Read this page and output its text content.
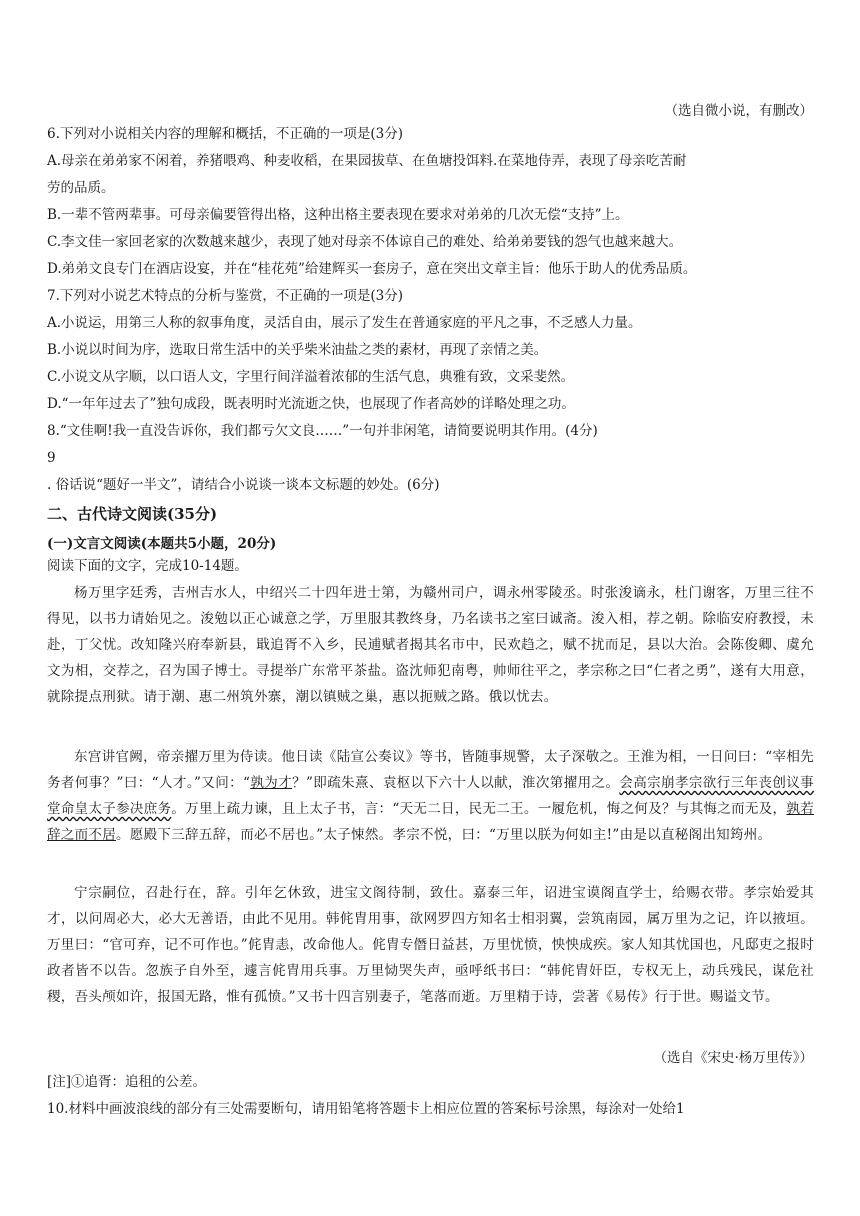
（选自微小说，有删改）
6.下列对小说相关内容的理解和概括，不正确的一项是(3分)
A.母亲在弟弟家不闲着，养猪喂鸡、种麦收稻，在果园拔草、在鱼塘投饵料.在菜地侍弄，表现了母亲吃苦耐
劳的品质。
B.一辈不管两辈事。可母亲偏要管得出格，这种出格主要表现在要求对弟弟的几次无偿“支持”上。
C.李文佳一家回老家的次数越来越少，表现了她对母亲不体谅自己的难处、给弟弟要钱的怨气也越来越大。
D.弟弟文良专门在酒店设宴，并在“桂花苑”给建辉买一套房子，意在突出文章主旨：他乐于助人的优秀品质。
7.下列对小说艺术特点的分析与鉴赏，不正确的一项是(3分)
A.小说运，用第三人称的叙事角度，灵活自由，展示了发生在普通家庭的平凡之事，不乏感人力量。
B.小说以时间为序，选取日常生活中的关乎柴米油盐之类的素材，再现了亲情之美。
C.小说文从字顺，以口语人文，字里行间洋溢着浓郁的生活气息，典雅有致，文采斐然。
D.“一年年过去了”独句成段，既表明时光流逝之快，也展现了作者高妙的详略处理之功。
8.“文佳啊!我一直没告诉你，我们都亏欠文良……”一句并非闲笔，请简要说明其作用。(4分)
9
. 俗话说“题好一半文”，请结合小说谈一谈本文标题的妙处。(6分)
二、古代诗文阅读(35分)
(一)文言文阅读(本题共5小题，20分)
阅读下面的文字，完成10-14题。

杨万里字廷秀，吉州吉水人，中绍兴二十四年进士第，为赣州司户，调永州零陵丞。时张浚谪永，杜门谢客，万里三往不得见，以书力请始见之。浚勉以正心诚意之学，万里服其教终身，乃名读书之室曰诚斋。浚入相，荐之朝。除临安府教授，未赴，丁父忧。改知隆兴府奉新县，戢追胥不入乡，民逋赋者揭其名市中，民欢趋之，赋不扰而足，县以大治。会陈俊卿、虞允文为相，交荐之，召为国子博士。寻提举广东常平茶盐。盗沈师犯南粤，帅师往平之，孝宗称之曰“仁者之勇”，遂有大用意，就除提点刑狱。请于潮、惠二州筑外寨，潮以镇贼之巢，惠以扼贼之路。俄以忧去。

东宫讲官阙，帝亲擢万里为侍读。他日读《陆宣公奏议》等书，皆随事规警，太子深敬之。王淮为相，一日问曰：“宰相先务者何事？”曰：“人才。”又问：“孰为才？”即疏朱熹、袁枢以下六十人以献，淮次第擢用之。会高宗崩孝宗欲行三年丧创议事堂命皇太子参决庶务。万里上疏力谏，且上太子书，言：“天无二日，民无二王。一履危机，悔之何及？与其悔之而无及，孰若辞之而不居。愿殿下三辞五辞，而必不居也。”太子悚然。孝宗不悦，曰：“万里以朕为何如主!”由是以直秘阁出知筠州。

宁宗嗣位，召赴行在，辞。引年乞休致，进宝文阁待制，致仕。嘉泰三年，诏进宝谟阁直学士，给赐衣带。孝宗始爱其才，以问周必大，必大无善语，由此不见用。韩侂胄用事，欲网罗四方知名士相羽翼，尝筑南园，属万里为之记，许以掖垣。万里曰：“官可弃，记不可作也。”侂胄恚，改命他人。侂胄专僭日益甚，万里忧愤，怏怏成疾。家人知其忧国也，凡邸吏之报时政者皆不以告。忽族子自外至，遽言侂胄用兵事。万里恸哭失声，亟呼纸书曰：“韩侂胄奸臣，专权无上，动兵残民，谋危社稷，吾头颅如许，报国无路，惟有孤愤。”又书十四言别妻子，笔落而逝。万里精于诗，尝著《易传》行于世。赐谥文节。

（选自《宋史·杨万里传》）
[注]①追胥：追租的公差。
10.材料中画波浪线的部分有三处需要断句，请用铅笔将答题卡上相应位置的答案标号涂黑，每涂对一处给1
